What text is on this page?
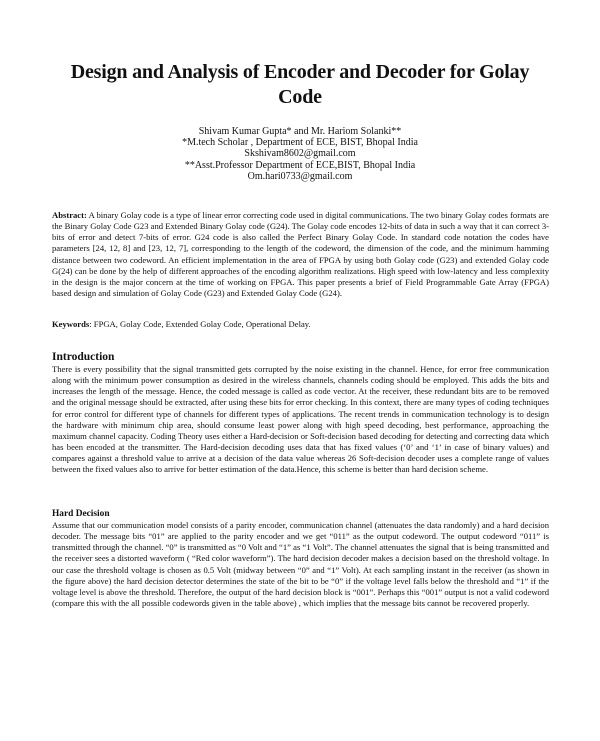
Design and Analysis of Encoder and Decoder for Golay Code
Shivam Kumar Gupta* and Mr. Hariom Solanki**
*M.tech Scholar , Department of ECE, BIST, Bhopal India
Skshivam8602@gmail.com
**Asst.Professor Department of ECE,BIST, Bhopal India
Om.hari0733@gmail.com
Abstract: A binary Golay code is a type of linear error correcting code used in digital communications. The two binary Golay codes formats are the Binary Golay Code G23 and Extended Binary Golay code (G24). The Golay code encodes 12-bits of data in such a way that it can correct 3-bits of error and detect 7-bits of error. G24 code is also called the Perfect Binary Golay Code. In standard code notation the codes have parameters [24, 12, 8] and [23, 12, 7], corresponding to the length of the codeword, the dimension of the code, and the minimum hamming distance between two codeword. An efficient implementation in the area of FPGA by using both Golay code (G23) and extended Golay code G(24) can be done by the help of different approaches of the encoding algorithm realizations. High speed with low-latency and less complexity in the design is the major concern at the time of working on FPGA. This paper presents a brief of Field Programmable Gate Array (FPGA) based design and simulation of Golay Code (G23) and Extended Golay Code (G24).
Keywords: FPGA, Golay Code, Extended Golay Code, Operational Delay.
Introduction
There is every possibility that the signal transmitted gets corrupted by the noise existing in the channel. Hence, for error free communication along with the minimum power consumption as desired in the wireless channels, channels coding should be employed. This adds the bits and increases the length of the message. Hence, the coded message is called as code vector. At the receiver, these redundant bits are to be removed and the original message should be extracted, after using these bits for error checking. In this context, there are many types of coding techniques for error control for different type of channels for different types of applications. The recent trends in communication technology is to design the hardware with minimum chip area, should consume least power along with high speed decoding, best performance, approaching the maximum channel capacity. Coding Theory uses either a Hard-decision or Soft-decision based decoding for detecting and correcting data which has been encoded at the transmitter. The Hard-decision decoding uses data that has fixed values (‘0’ and ‘1’ in case of binary values) and compares against a threshold value to arrive at a decision of the data value whereas 26 Soft-decision decoder uses a complete range of values between the fixed values also to arrive for better estimation of the data.Hence, this scheme is better than hard decision scheme.
Hard Decision
Assume that our communication model consists of a parity encoder, communication channel (attenuates the data randomly) and a hard decision decoder. The message bits “01” are applied to the parity encoder and we get “011” as the output codeword. The output codeword “011” is transmitted through the channel. “0” is transmitted as “0 Volt and “1” as “1 Volt”. The channel attenuates the signal that is being transmitted and the receiver sees a distorted waveform ( “Red color waveform”). The hard decision decoder makes a decision based on the threshold voltage. In our case the threshold voltage is chosen as 0.5 Volt (midway between “0” and “1” Volt). At each sampling instant in the receiver (as shown in the figure above) the hard decision detector determines the state of the bit to be “0” if the voltage level falls below the threshold and “1” if the voltage level is above the threshold. Therefore, the output of the hard decision block is “001”. Perhaps this “001” output is not a valid codeword (compare this with the all possible codewords given in the table above) , which implies that the message bits cannot be recovered properly.
